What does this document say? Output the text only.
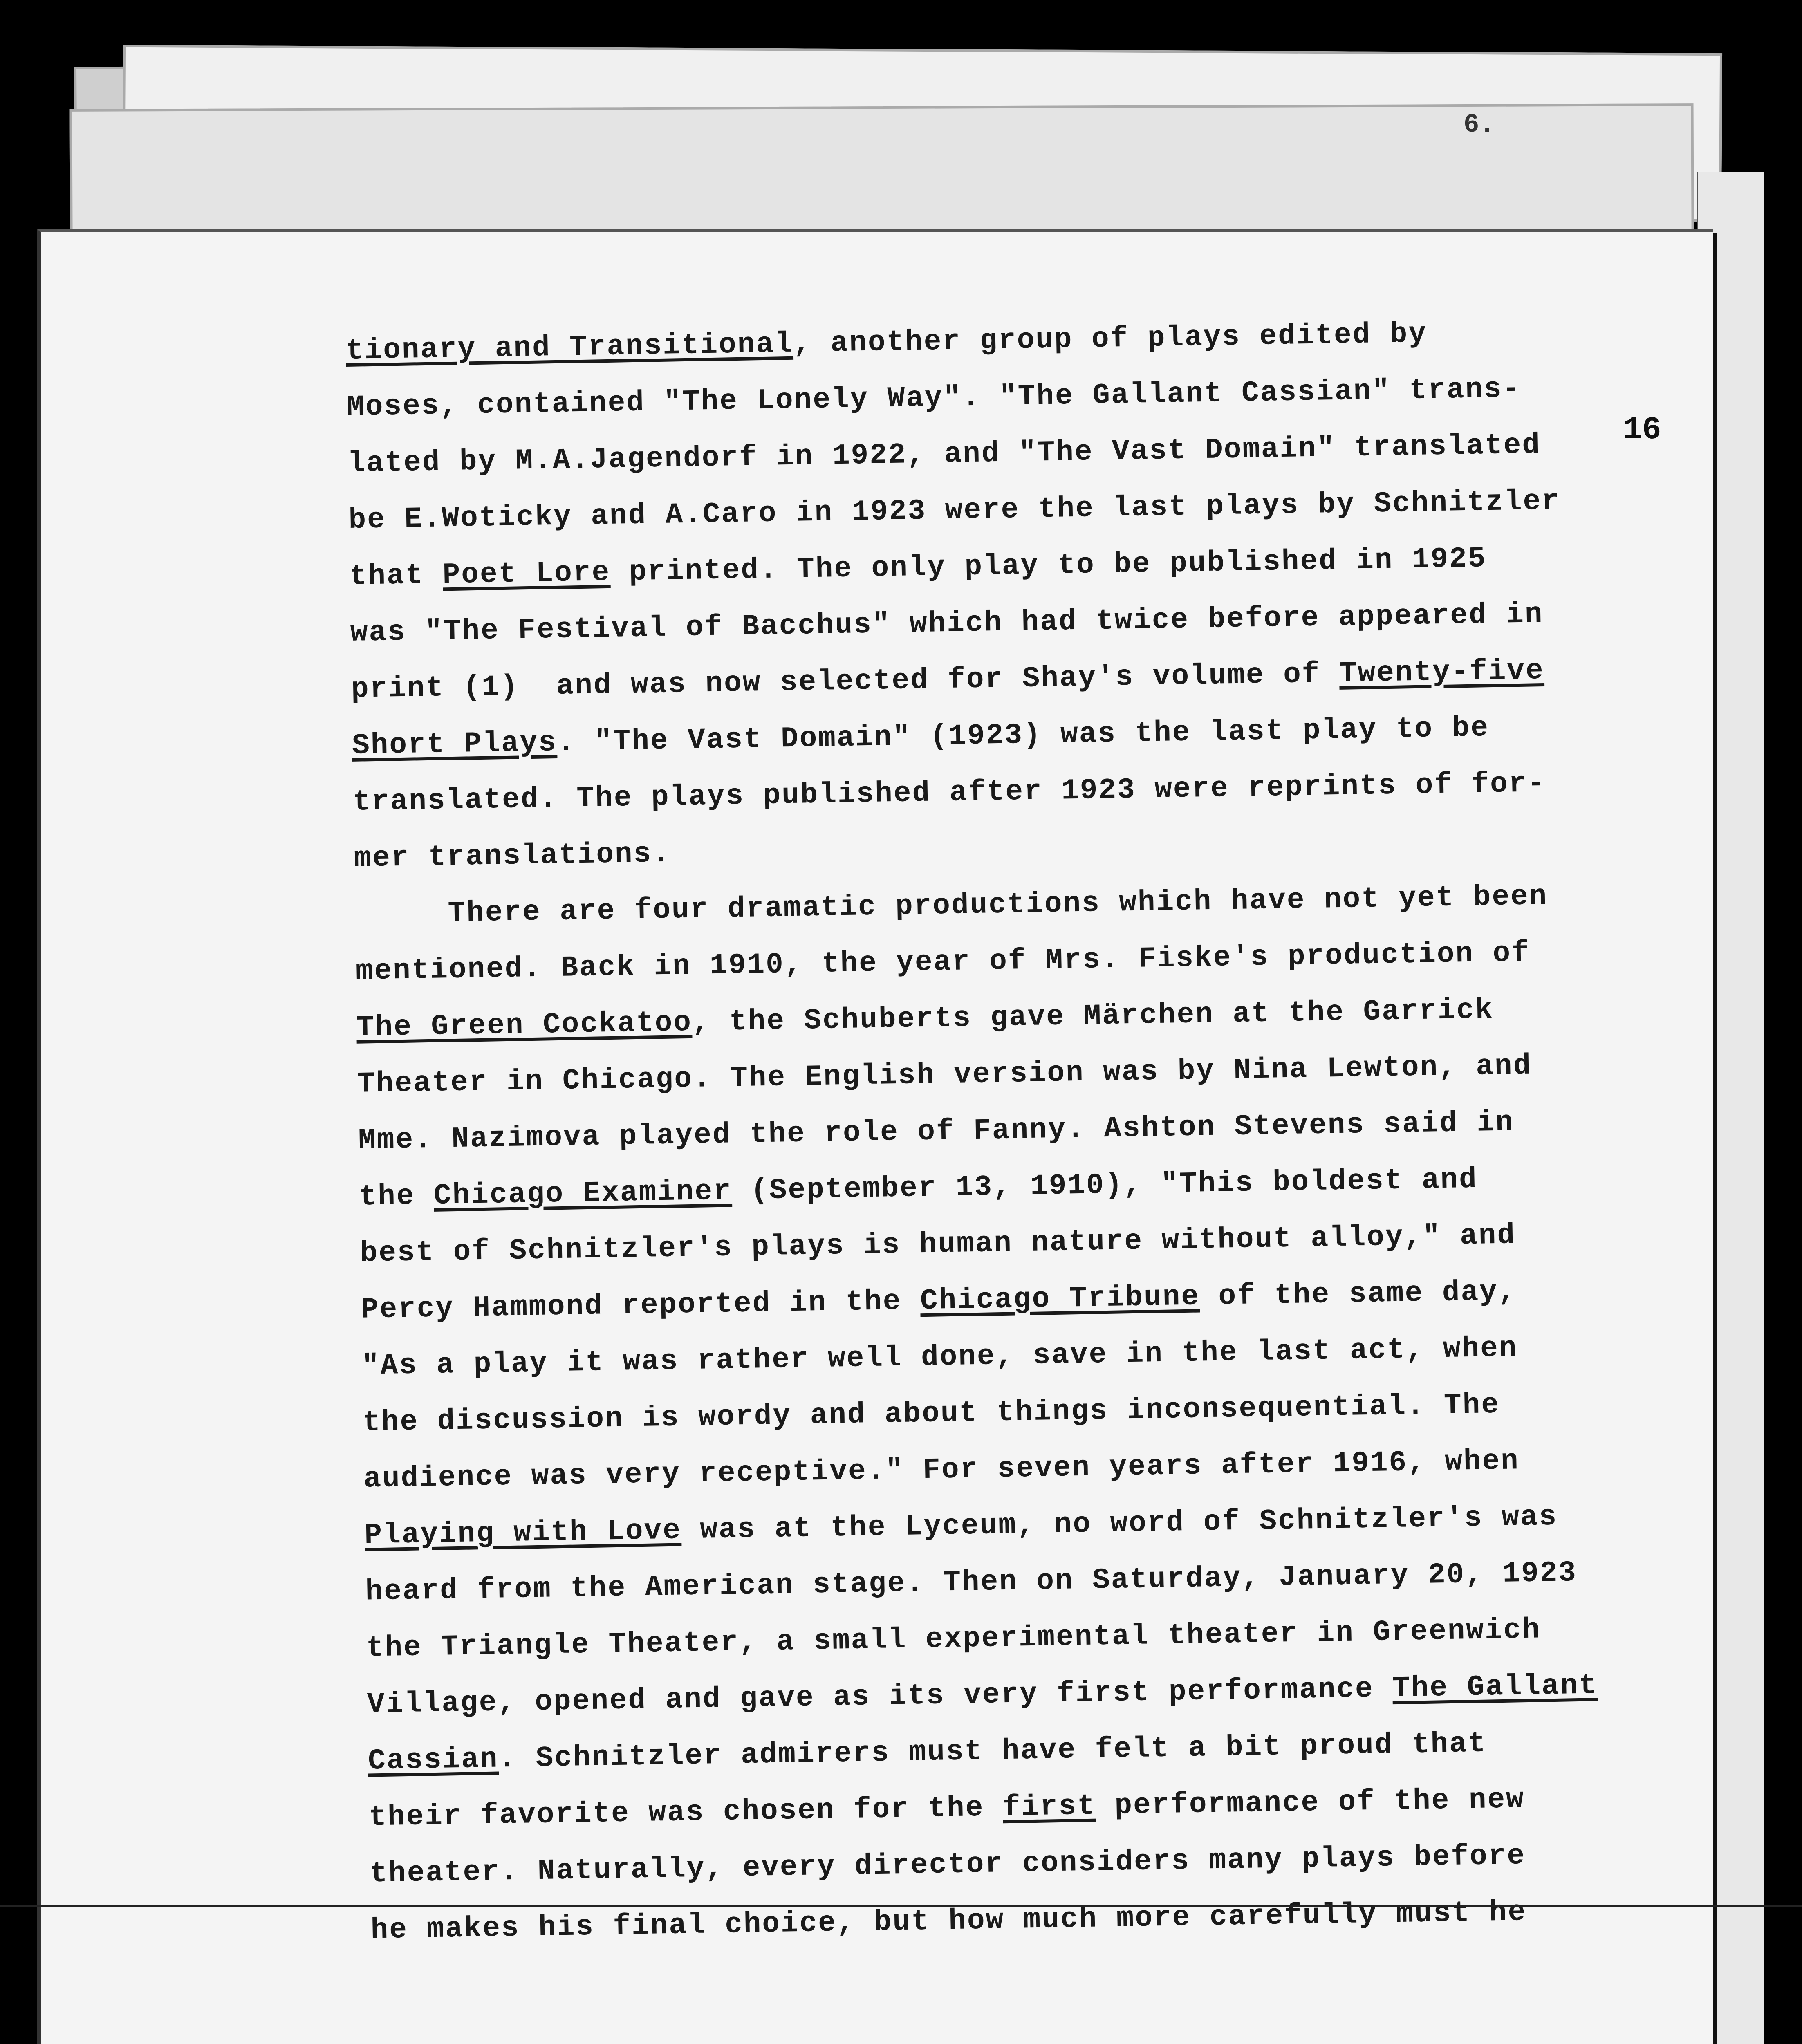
6.
16
tionary and Transitional, another group of plays edited by
Moses, contained "The Lonely Way". "The Gallant Cassian" trans-
lated by M.A.Jagendorf in 1922, and "The Vast Domain" translated
be E.Woticky and A.Caro in 1923 were the last plays by Schnitzler
that Poet Lore printed. The only play to be published in 1925
was "The Festival of Bacchus" which had twice before appeared in
print (1)  and was now selected for Shay's volume of Twenty-five
Short Plays. "The Vast Domain" (1923) was the last play to be
translated. The plays published after 1923 were reprints of for-
mer translations.
There are four dramatic productions which have not yet been
mentioned. Back in 1910, the year of Mrs. Fiske's production of
The Green Cockatoo, the Schuberts gave Märchen at the Garrick
Theater in Chicago. The English version was by Nina Lewton, and
Mme. Nazimova played the role of Fanny. Ashton Stevens said in
the Chicago Examiner (September 13, 1910), "This boldest and
best of Schnitzler's plays is human nature without alloy," and
Percy Hammond reported in the Chicago Tribune of the same day,
"As a play it was rather well done, save in the last act, when
the discussion is wordy and about things inconsequential. The
audience was very receptive." For seven years after 1916, when
Playing with Love was at the Lyceum, no word of Schnitzler's was
heard from the American stage. Then on Saturday, January 20, 1923
the Triangle Theater, a small experimental theater in Greenwich
Village, opened and gave as its very first performance The Gallant
Cassian. Schnitzler admirers must have felt a bit proud that
their favorite was chosen for the first performance of the new
theater. Naturally, every director considers many plays before
he makes his final choice, but how much more carefully must he
